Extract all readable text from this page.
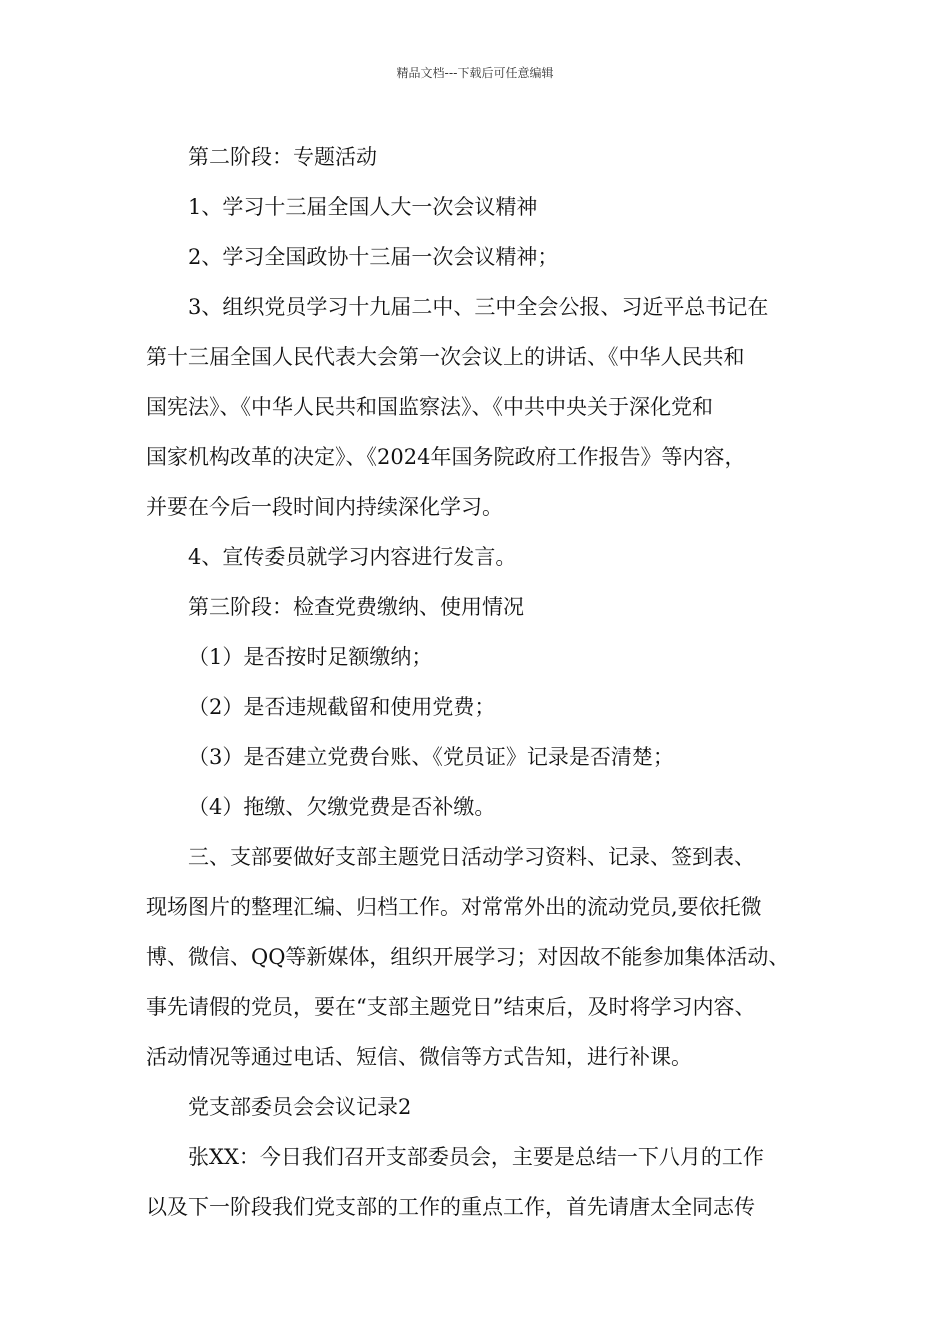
精品文档---下载后可任意编辑

第二阶段：专题活动

1、学习十三届全国人大一次会议精神

2、学习全国政协十三届一次会议精神；

3、组织党员学习十九届二中、三中全会公报、习近平总书记在

第十三届全国人民代表大会第一次会议上的讲话、《中华人民共和

国宪法》、《中华人民共和国监察法》、《中共中央关于深化党和

国家机构改革的决定》、《2024年国务院政府工作报告》等内容，

并要在今后一段时间内持续深化学习。

4、宣传委员就学习内容进行发言。

第三阶段：检查党费缴纳、使用情况

（1）是否按时足额缴纳；

（2）是否违规截留和使用党费；

（3）是否建立党费台账、《党员证》记录是否清楚；

（4）拖缴、欠缴党费是否补缴。

三、支部要做好支部主题党日活动学习资料、记录、签到表、

现场图片的整理汇编、归档工作。对常常外出的流动党员,要依托微

博、微信、QQ等新媒体，组织开展学习；对因故不能参加集体活动、

事先请假的党员，要在“支部主题党日”结束后，及时将学习内容、

活动情况等通过电话、短信、微信等方式告知，进行补课。

党支部委员会会议记录2

张XX：今日我们召开支部委员会，主要是总结一下八月的工作

以及下一阶段我们党支部的工作的重点工作，首先请唐太全同志传
